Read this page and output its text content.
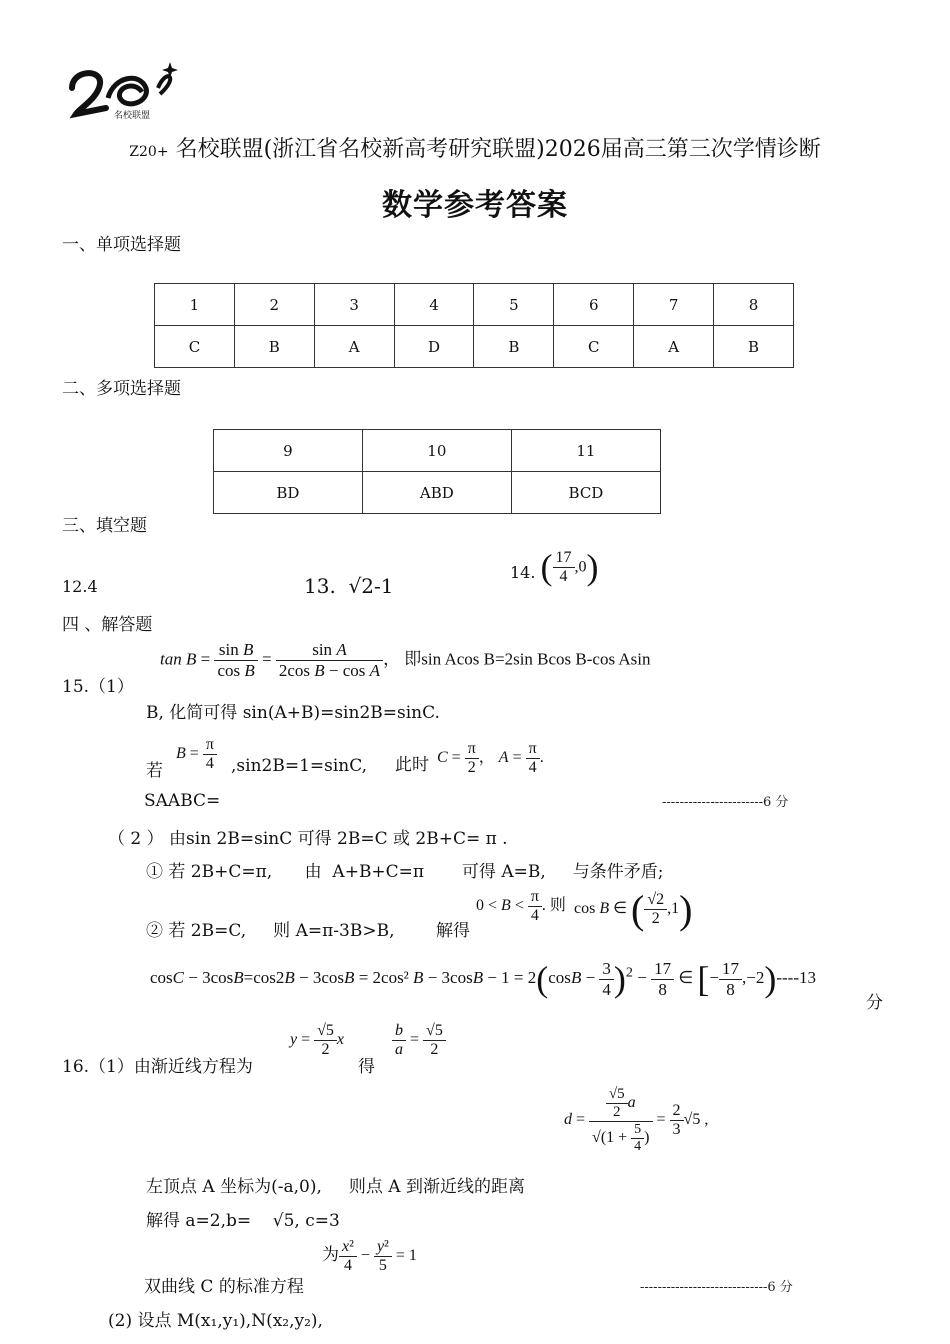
名校联盟
Z20+ 名校联盟(浙江省名校新高考研究联盟)2026届高三第三次学情诊断
数学参考答案
一、单项选择题
1	2	3	4	5	6	7	8
C	B	A	D	B	C	A	B
二、多项选择题
9	10	11
BD	ABD	BCD
三、填空题
12.4	13. √2-1
14. ( $\frac{17}{4} ,0$)
四 、解答题
15.（1）
$\tan B = \frac{\text{sin B}}{\text{cos B}} = \frac{\text{sin A}}{\text{2cos B − cos A}}$ ， 即sin Acos B=2sin Bcos B-cos Asin
B, 化简可得 sin(A+B)=sin2B=sinC.
若
$B = \frac{\pi}{4} ,\sin 2B=1=\sin C$, 此时 $C = \frac{\pi}{2}$ ， $A = \frac{\pi}{4}$ .
SAABC=	-----------------------6 分
（ 2 ） 由sin 2B=sinC 可得 2B=C 或 2B+C= π .
① 若 2B+C=π,      由  A+B+C=π       可得 A=B,     与条件矛盾;
② 若 2B=C,     则 A=π-3B>B, 解得
$0 < B < \frac{\pi}{4}$ . 则 cos B ∈ ( $\frac{√2}{2} ,1$)
cosC − 3cosB=cos2B − 3cosB = 2cos² $B - 3\cos B - 1 = 2(\cos B - \frac{3}{4} )^2 - \frac{17}{8}$ ∈ [− $\frac{17}{8} ,-2)----13$
分
16.（1）由渐近线方程为
$y = \frac{√5}{2}$ x
得
$\frac{b}{a} = \frac{√5}{2}$
$d = \frac{\frac{√5}{2} a}{√(1 + \frac{5}{4} )} = \frac{2}{3} √5$ ,
左顶点 A 坐标为(-a,0),     则点 A 到渐近线的距离
解得 a=2,b= √5, c=3
双曲线 C 的标准方程
为 $\frac{\text{x²}}{4} - \frac{\text{y²}}{5} = 1$
-----------------------------6 分
(2) 设点 M(x₁,y₁),N(x₂,y₂),
